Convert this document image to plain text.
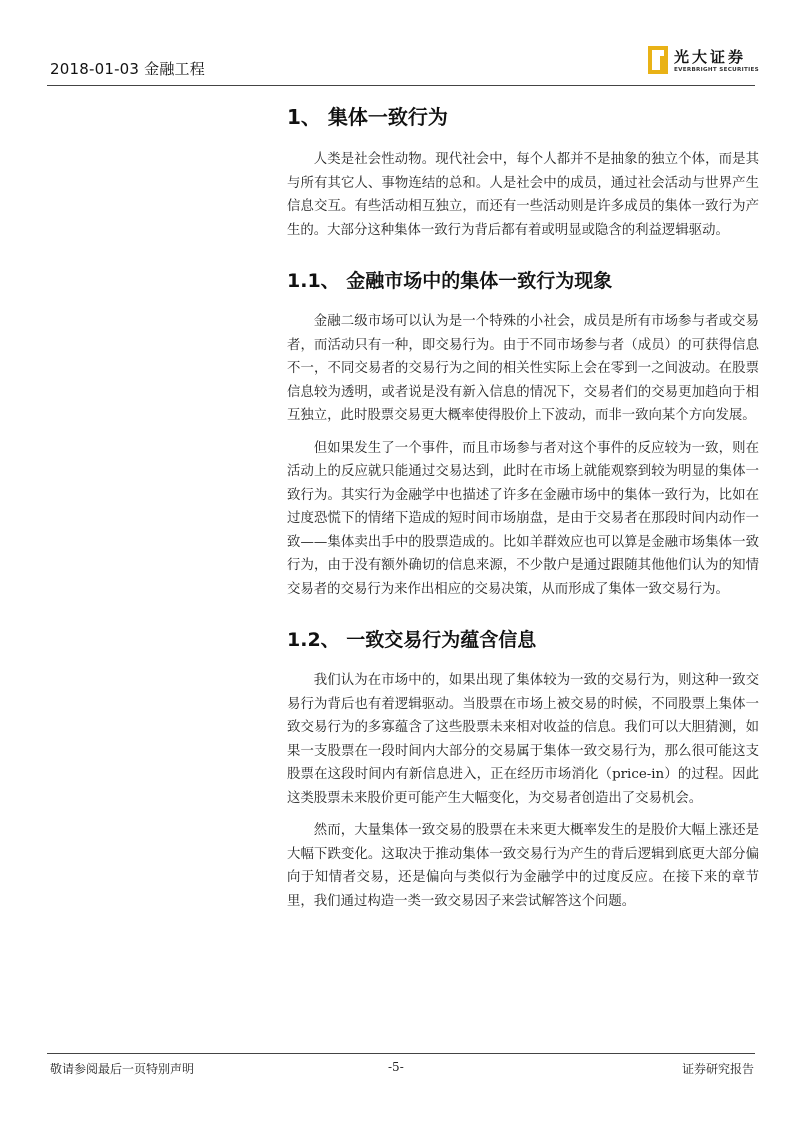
2018-01-03 金融工程
光大证券
EVERBRIGHT SECURITIES
1、 集体一致行为

人类是社会性动物。现代社会中，每个人都并不是抽象的独立个体，而是其与所有其它人、事物连结的总和。人是社会中的成员，通过社会活动与世界产生信息交互。有些活动相互独立，而还有一些活动则是许多成员的集体一致行为产生的。大部分这种集体一致行为背后都有着或明显或隐含的利益逻辑驱动。

1.1、 金融市场中的集体一致行为现象

金融二级市场可以认为是一个特殊的小社会，成员是所有市场参与者或交易者，而活动只有一种，即交易行为。由于不同市场参与者（成员）的可获得信息不一，不同交易者的交易行为之间的相关性实际上会在零到一之间波动。在股票信息较为透明，或者说是没有新入信息的情况下，交易者们的交易更加趋向于相互独立，此时股票交易更大概率使得股价上下波动，而非一致向某个方向发展。

但如果发生了一个事件，而且市场参与者对这个事件的反应较为一致，则在活动上的反应就只能通过交易达到，此时在市场上就能观察到较为明显的集体一致行为。其实行为金融学中也描述了许多在金融市场中的集体一致行为，比如在过度恐慌下的情绪下造成的短时间市场崩盘，是由于交易者在那段时间内动作一致——集体卖出手中的股票造成的。比如羊群效应也可以算是金融市场集体一致行为，由于没有额外确切的信息来源，不少散户是通过跟随其他他们认为的知情交易者的交易行为来作出相应的交易决策，从而形成了集体一致交易行为。

1.2、 一致交易行为蕴含信息

我们认为在市场中的，如果出现了集体较为一致的交易行为，则这种一致交易行为背后也有着逻辑驱动。当股票在市场上被交易的时候，不同股票上集体一致交易行为的多寡蕴含了这些股票未来相对收益的信息。我们可以大胆猜测，如果一支股票在一段时间内大部分的交易属于集体一致交易行为，那么很可能这支股票在这段时间内有新信息进入，正在经历市场消化（price-in）的过程。因此这类股票未来股价更可能产生大幅变化，为交易者创造出了交易机会。

然而，大量集体一致交易的股票在未来更大概率发生的是股价大幅上涨还是大幅下跌变化。这取决于推动集体一致交易行为产生的背后逻辑到底更大部分偏向于知情者交易，还是偏向与类似行为金融学中的过度反应。在接下来的章节里，我们通过构造一类一致交易因子来尝试解答这个问题。

敬请参阅最后一页特别声明	-5-	证券研究报告
